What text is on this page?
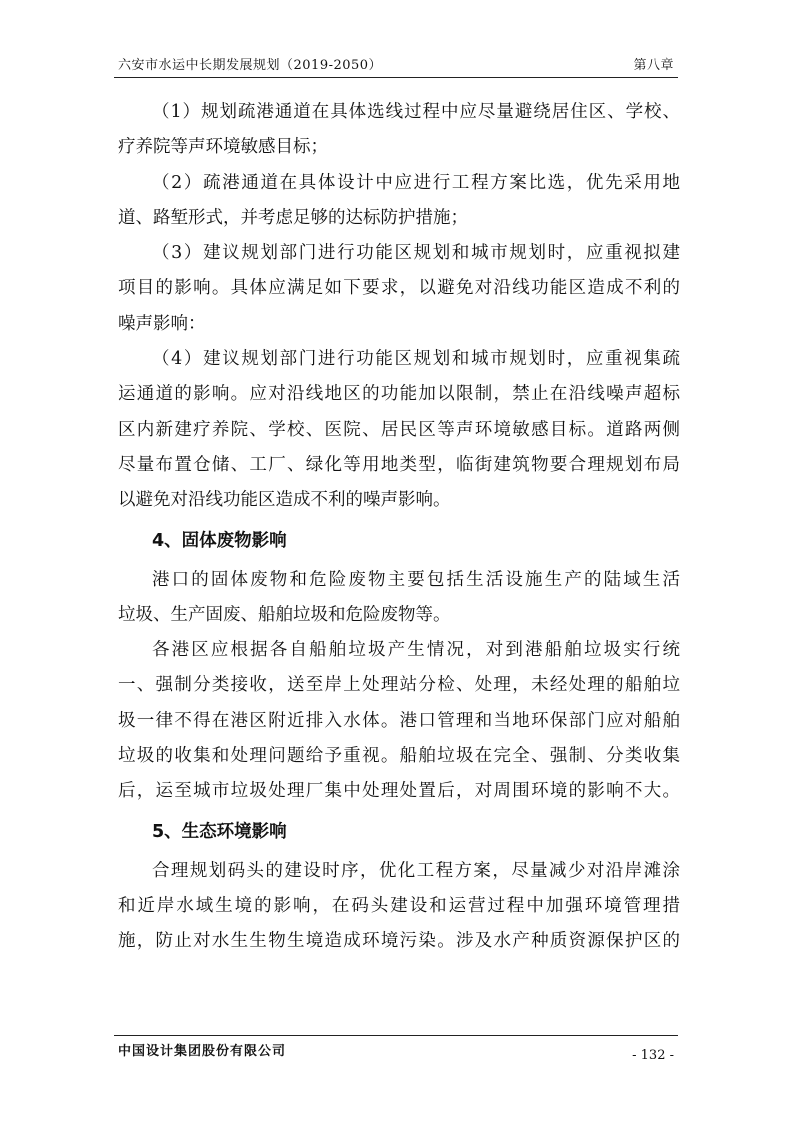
六安市水运中长期发展规划（2019-2050）	第八章
（1）规划疏港通道在具体选线过程中应尽量避绕居住区、学校、
疗养院等声环境敏感目标；
（2）疏港通道在具体设计中应进行工程方案比选，优先采用地
道、路堑形式，并考虑足够的达标防护措施；
（3）建议规划部门进行功能区规划和城市规划时，应重视拟建
项目的影响。具体应满足如下要求，以避免对沿线功能区造成不利的
噪声影响：
（4）建议规划部门进行功能区规划和城市规划时，应重视集疏
运通道的影响。应对沿线地区的功能加以限制，禁止在沿线噪声超标
区内新建疗养院、学校、医院、居民区等声环境敏感目标。道路两侧
尽量布置仓储、工厂、绿化等用地类型，临街建筑物要合理规划布局
以避免对沿线功能区造成不利的噪声影响。
4、固体废物影响
港口的固体废物和危险废物主要包括生活设施生产的陆域生活
垃圾、生产固废、船舶垃圾和危险废物等。
各港区应根据各自船舶垃圾产生情况，对到港船舶垃圾实行统
一、强制分类接收，送至岸上处理站分检、处理，未经处理的船舶垃
圾一律不得在港区附近排入水体。港口管理和当地环保部门应对船舶
垃圾的收集和处理问题给予重视。船舶垃圾在完全、强制、分类收集
后，运至城市垃圾处理厂集中处理处置后，对周围环境的影响不大。
5、生态环境影响
合理规划码头的建设时序，优化工程方案，尽量减少对沿岸滩涂
和近岸水域生境的影响，在码头建设和运营过程中加强环境管理措
施，防止对水生生物生境造成环境污染。涉及水产种质资源保护区的
中国设计集团股份有限公司	- 132 -
